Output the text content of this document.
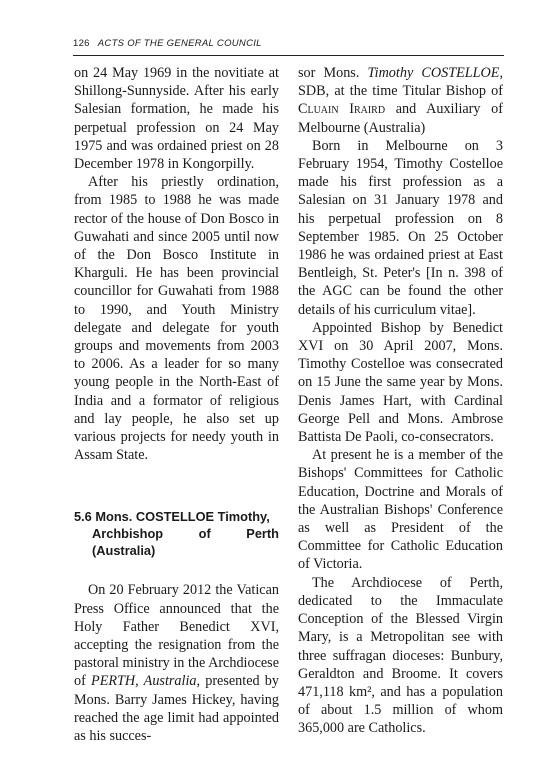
126 ACTS OF THE GENERAL COUNCIL

on 24 May 1969 in the novitiate at Shillong-Sunnyside. After his early Salesian formation, he made his perpetual profession on 24 May 1975 and was ordained priest on 28 December 1978 in Kongorpilly.

After his priestly ordination, from 1985 to 1988 he was made rector of the house of Don Bosco in Guwahati and since 2005 until now of the Don Bosco Institute in Kharguli. He has been provincial councillor for Guwahati from 1988 to 1990, and Youth Ministry delegate and delegate for youth groups and movements from 2003 to 2006. As a leader for so many young people in the North-East of India and a formator of religious and lay people, he also set up various projects for needy youth in Assam State.

5.6 Mons. COSTELLOE Timothy,
Archbishop of Perth (Australia)

On 20 February 2012 the Vatican Press Office announced that the Holy Father Benedict XVI, accepting the resignation from the pastoral ministry in the Archdiocese of PERTH, Australia, presented by Mons. Barry James Hickey, having reached the age limit had appointed as his succes-

sor Mons. Timothy COSTELLOE, SDB, at the time Titular Bishop of Cluain Iraird and Auxiliary of Melbourne (Australia)

Born in Melbourne on 3 February 1954, Timothy Costelloe made his first profession as a Salesian on 31 January 1978 and his perpetual profession on 8 September 1985. On 25 October 1986 he was ordained priest at East Bentleigh, St. Peter's [In n. 398 of the AGC can be found the other details of his curriculum vitae].

Appointed Bishop by Benedict XVI on 30 April 2007, Mons. Timothy Costelloe was consecrated on 15 June the same year by Mons. Denis James Hart, with Cardinal George Pell and Mons. Ambrose Battista De Paoli, co-consecrators.

At present he is a member of the Bishops' Committees for Catholic Education, Doctrine and Morals of the Australian Bishops' Conference as well as President of the Committee for Catholic Education of Victoria.

The Archdiocese of Perth, dedicated to the Immaculate Conception of the Blessed Virgin Mary, is a Metropolitan see with three suffragan dioceses: Bunbury, Geraldton and Broome. It covers 471,118 km², and has a population of about 1.5 million of whom 365,000 are Catholics.
